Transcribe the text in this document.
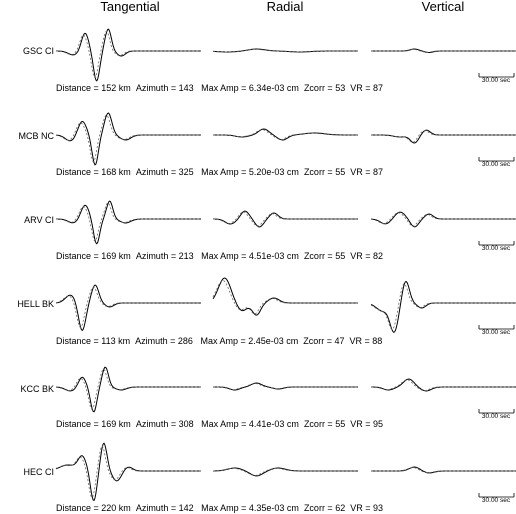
Tangential	Radial	Vertical
GSC CI
Distance = 152 km Azimuth = 143 Max Amp = 6.34e-03 cm Zcorr = 53 VR = 87
30.00 sec
MCB NC
Distance = 168 km Azimuth = 325 Max Amp = 5.20e-03 cm Zcorr = 55 VR = 87
30.00 sec
ARV CI
Distance = 169 km Azimuth = 213 Max Amp = 4.51e-03 cm Zcorr = 55 VR = 82
30.00 sec
HELL BK
Distance = 113 km Azimuth = 286 Max Amp = 2.45e-03 cm Zcorr = 47 VR = 88
30.00 sec
KCC BK
Distance = 169 km Azimuth = 308 Max Amp = 4.41e-03 cm Zcorr = 55 VR = 95
30.00 sec
HEC CI
Distance = 220 km Azimuth = 142 Max Amp = 4.35e-03 cm Zcorr = 62 VR = 93
30.00 sec
